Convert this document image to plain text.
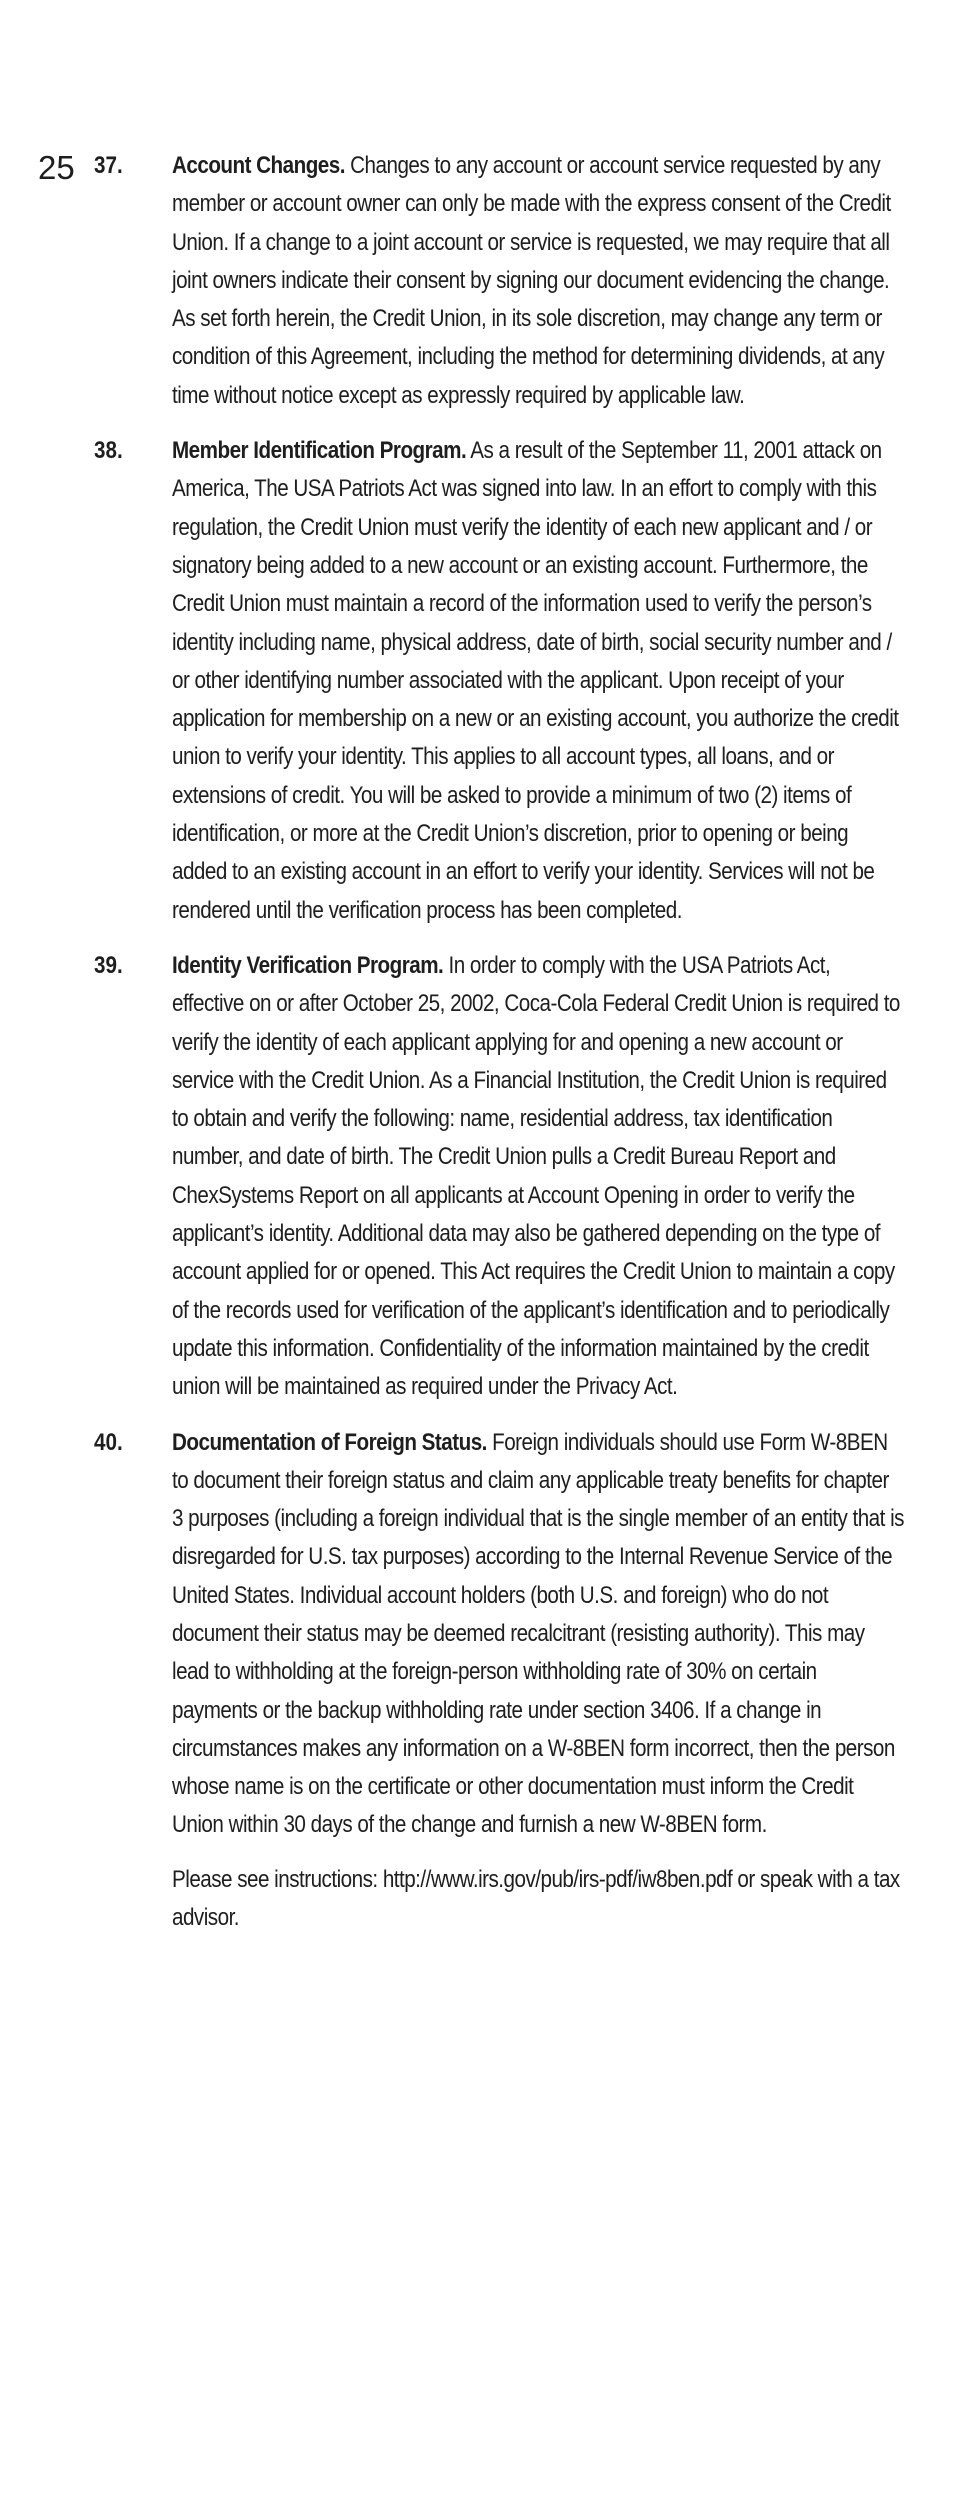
25 37. Account Changes. Changes to any account or account service requested by any member or account owner can only be made with the express consent of the Credit Union. If a change to a joint account or service is requested, we may require that all joint owners indicate their consent by signing our document evidencing the change. As set forth herein, the Credit Union, in its sole discretion, may change any term or condition of this Agreement, including the method for determining dividends, at any time without notice except as expressly required by applicable law.

38. Member Identification Program. As a result of the September 11, 2001 attack on America, The USA Patriots Act was signed into law. In an effort to comply with this regulation, the Credit Union must verify the identity of each new applicant and / or signatory being added to a new account or an existing account. Furthermore, the Credit Union must maintain a record of the information used to verify the person’s identity including name, physical address, date of birth, social security number and / or other identifying number associated with the applicant. Upon receipt of your application for membership on a new or an existing account, you authorize the credit union to verify your identity. This applies to all account types, all loans, and or extensions of credit. You will be asked to provide a minimum of two (2) items of identification, or more at the Credit Union’s discretion, prior to opening or being added to an existing account in an effort to verify your identity. Services will not be rendered until the verification process has been completed.

39. Identity Verification Program. In order to comply with the USA Patriots Act, effective on or after October 25, 2002, Coca-Cola Federal Credit Union is required to verify the identity of each applicant applying for and opening a new account or service with the Credit Union. As a Financial Institution, the Credit Union is required to obtain and verify the following: name, residential address, tax identification number, and date of birth. The Credit Union pulls a Credit Bureau Report and ChexSystems Report on all applicants at Account Opening in order to verify the applicant’s identity. Additional data may also be gathered depending on the type of account applied for or opened. This Act requires the Credit Union to maintain a copy of the records used for verification of the applicant’s identification and to periodically update this information. Confidentiality of the information maintained by the credit union will be maintained as required under the Privacy Act.

40. Documentation of Foreign Status. Foreign individuals should use Form W-8BEN to document their foreign status and claim any applicable treaty benefits for chapter 3 purposes (including a foreign individual that is the single member of an entity that is disregarded for U.S. tax purposes) according to the Internal Revenue Service of the United States. Individual account holders (both U.S. and foreign) who do not document their status may be deemed recalcitrant (resisting authority). This may lead to withholding at the foreign-person withholding rate of 30% on certain payments or the backup withholding rate under section 3406. If a change in circumstances makes any information on a W-8BEN form incorrect, then the person whose name is on the certificate or other documentation must inform the Credit Union within 30 days of the change and furnish a new W-8BEN form.

Please see instructions: http://www.irs.gov/pub/irs-pdf/iw8ben.pdf or speak with a tax advisor.
